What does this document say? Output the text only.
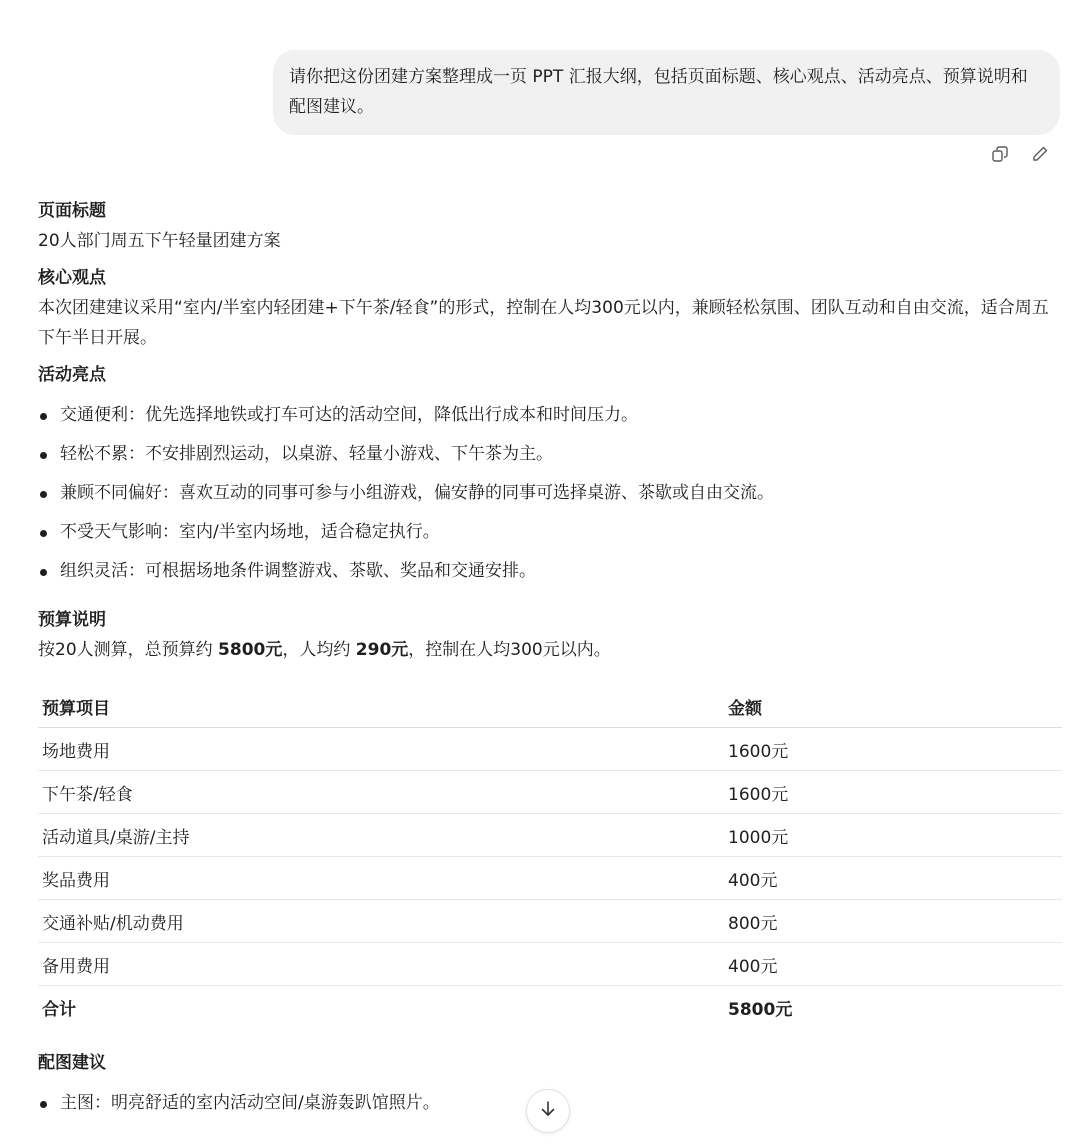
请你把这份团建方案整理成一页 PPT 汇报大纲，包括页面标题、核心观点、活动亮点、预算说明和配图建议。

页面标题

20人部门周五下午轻量团建方案

核心观点

本次团建建议采用“室内/半室内轻团建+下午茶/轻食”的形式，控制在人均300元以内，兼顾轻松氛围、团队互动和自由交流，适合周五下午半日开展。

活动亮点

交通便利：优先选择地铁或打车可达的活动空间，降低出行成本和时间压力。
轻松不累：不安排剧烈运动，以桌游、轻量小游戏、下午茶为主。
兼顾不同偏好：喜欢互动的同事可参与小组游戏，偏安静的同事可选择桌游、茶歇或自由交流。
不受天气影响：室内/半室内场地，适合稳定执行。
组织灵活：可根据场地条件调整游戏、茶歇、奖品和交通安排。

预算说明

按20人测算，总预算约 5800元，人均约 290元，控制在人均300元以内。

预算项目	金额
场地费用	1600元
下午茶/轻食	1600元
活动道具/桌游/主持	1000元
奖品费用	400元
交通补贴/机动费用	800元
备用费用	400元
合计	5800元

配图建议

主图：明亮舒适的室内活动空间/桌游轰趴馆照片。
